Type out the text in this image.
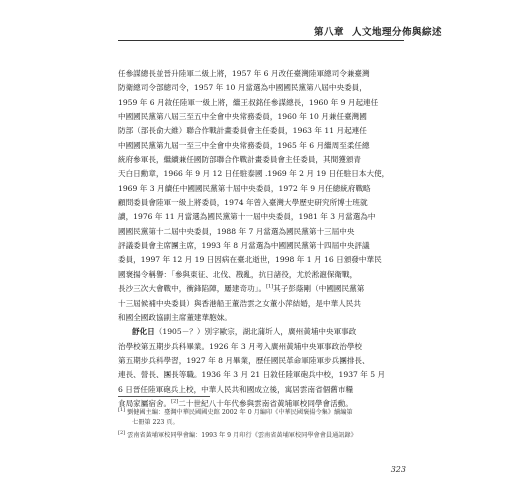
第八章 人文地理分佈與綜述
任參謀總長並晉升陸軍二級上將，1957 年 6 月改任臺灣陸軍總司令兼臺灣
防衛總司令部總司令，1957 年 10 月當選為中國國民黨第八屆中央委員，
1959 年 6 月敘任陸軍一級上將，繼王叔銘任參謀總長，1960 年 9 月起連任
中國國民黨第八屆三至五中全會中央常務委員，1960 年 10 月兼任臺灣國
防部（部長俞大維）聯合作戰計畫委員會主任委員，1963 年 11 月起連任
中國國民黨第九屆一至三中全會中央常務委員，1965 年 6 月繼周至柔任總
統府參軍長，繼續兼任國防部聯合作戰計畫委員會主任委員，其間獲頒青
天白日勳章，1966 年 9 月 12 日任駐泰國 .1969 年 2 月 19 日任駐日本大使，
1969 年 3 月續任中國國民黨第十屆中央委員，1972 年 9 月任總統府戰略
顧問委員會陸軍一級上將委員，1974 年曾入臺灣大學歷史研究所博士班就
讀，1976 年 11 月當選為國民黨第十一屆中央委員，1981 年 3 月當選為中
國國民黨第十二屆中央委員，1988 年 7 月當選為國民黨第十三屆中央
評議委員會主席團主席，1993 年 8 月當選為中國國民黨第十四屆中央評議
委員，1997 年 12 月 19 日因病在臺北逝世，1998 年 1 月 16 日頒發中華民
國褒揚令稱譽：「參與東征、北伐、戡亂，抗日諸役，尤於淞滬保衛戰，
長沙三次大會戰中，衝鋒陷陣，屢建奇功」。[1]其子彭蔭剛（中國國民黨第
十三屆候補中央委員）與香港船王董浩雲之女董小萍結婚，是中華人民共
和國全國政協副主席董建華胞妹。
舒化日（1905－？）別字歐宗，湖北蒲圻人，廣州黃埔中央軍事政
治學校第五期步兵科畢業。1926 年 3 月考入廣州黃埔中央軍事政治學校
第五期步兵科學習，1927 年 8 月畢業，歷任國民革命軍陸軍步兵團排長、
連長、營長、團長等職。1936 年 3 月 21 日敘任陸軍砲兵中校，1937 年 5 月
6 日晉任陸軍砲兵上校，中華人民共和國成立後，寓居雲南省個舊市糧
食局家屬宿舍。[2]二十世紀八十年代參與雲南省黃埔軍校同學會活動。
[1] 劉健國主編：臺灣中華民國國史館 2002 年 0 月編印《中華民國褒揚令集》續編第
七冊第 223 頁。
[2] 雲南省黃埔軍校同學會編：1993 年 9 月印行《雲南省黃埔軍校同學會會員通訊錄》
323
